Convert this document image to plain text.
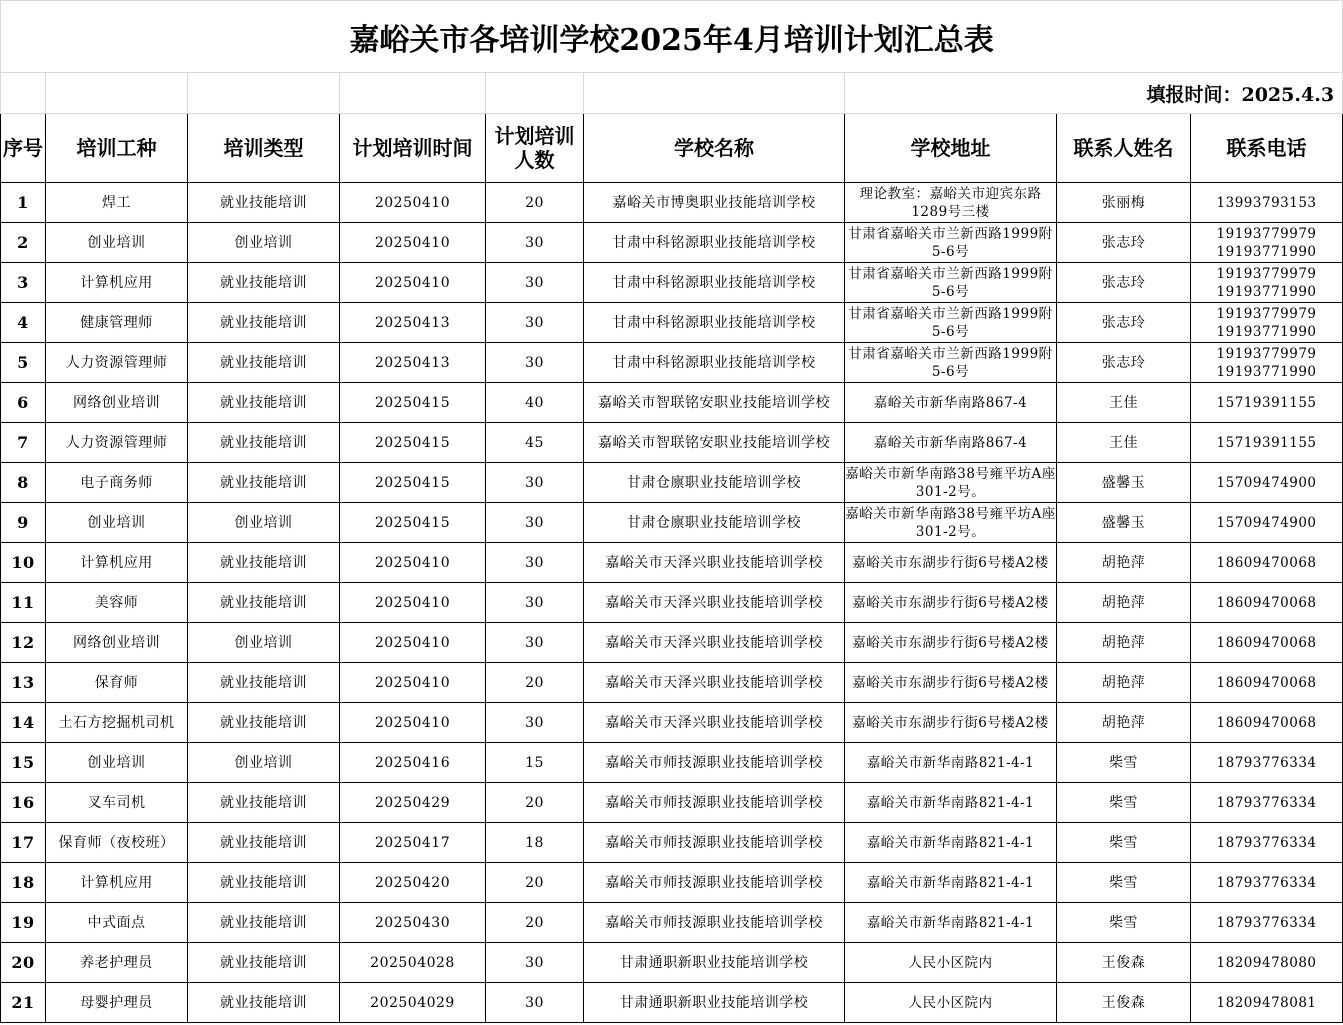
嘉峪关市各培训学校2025年4月培训计划汇总表								
						填报时间：2025.4.3		
序号	培训工种	培训类型	计划培训时间	计划培训人数	学校名称	学校地址	联系人姓名	联系电话
1	焊工	就业技能培训	20250410	20	嘉峪关市博奥职业技能培训学校	理论教室：嘉峪关市迎宾东路1289号三楼	张丽梅	13993793153
2	创业培训	创业培训	20250410	30	甘肃中科铭源职业技能培训学校	甘肃省嘉峪关市兰新西路1999附5-6号	张志玲	19193779979 19193771990
3	计算机应用	就业技能培训	20250410	30	甘肃中科铭源职业技能培训学校	甘肃省嘉峪关市兰新西路1999附5-6号	张志玲	19193779979 19193771990
4	健康管理师	就业技能培训	20250413	30	甘肃中科铭源职业技能培训学校	甘肃省嘉峪关市兰新西路1999附5-6号	张志玲	19193779979 19193771990
5	人力资源管理师	就业技能培训	20250413	30	甘肃中科铭源职业技能培训学校	甘肃省嘉峪关市兰新西路1999附5-6号	张志玲	19193779979 19193771990
6	网络创业培训	就业技能培训	20250415	40	嘉峪关市智联铭安职业技能培训学校	嘉峪关市新华南路867-4	王佳	15719391155
7	人力资源管理师	就业技能培训	20250415	45	嘉峪关市智联铭安职业技能培训学校	嘉峪关市新华南路867-4	王佳	15719391155
8	电子商务师	就业技能培训	20250415	30	甘肃仓廪职业技能培训学校	嘉峪关市新华南路38号雍平坊A座301-2号。	盛馨玉	15709474900
9	创业培训	创业培训	20250415	30	甘肃仓廪职业技能培训学校	嘉峪关市新华南路38号雍平坊A座301-2号。	盛馨玉	15709474900
10	计算机应用	就业技能培训	20250410	30	嘉峪关市天泽兴职业技能培训学校	嘉峪关市东湖步行街6号楼A2楼	胡艳萍	18609470068
11	美容师	就业技能培训	20250410	30	嘉峪关市天泽兴职业技能培训学校	嘉峪关市东湖步行街6号楼A2楼	胡艳萍	18609470068
12	网络创业培训	创业培训	20250410	30	嘉峪关市天泽兴职业技能培训学校	嘉峪关市东湖步行街6号楼A2楼	胡艳萍	18609470068
13	保育师	就业技能培训	20250410	20	嘉峪关市天泽兴职业技能培训学校	嘉峪关市东湖步行街6号楼A2楼	胡艳萍	18609470068
14	土石方挖掘机司机	就业技能培训	20250410	30	嘉峪关市天泽兴职业技能培训学校	嘉峪关市东湖步行街6号楼A2楼	胡艳萍	18609470068
15	创业培训	创业培训	20250416	15	嘉峪关市师技源职业技能培训学校	嘉峪关市新华南路821-4-1	柴雪	18793776334
16	叉车司机	就业技能培训	20250429	20	嘉峪关市师技源职业技能培训学校	嘉峪关市新华南路821-4-1	柴雪	18793776334
17	保育师（夜校班）	就业技能培训	20250417	18	嘉峪关市师技源职业技能培训学校	嘉峪关市新华南路821-4-1	柴雪	18793776334
18	计算机应用	就业技能培训	20250420	20	嘉峪关市师技源职业技能培训学校	嘉峪关市新华南路821-4-1	柴雪	18793776334
19	中式面点	就业技能培训	20250430	20	嘉峪关市师技源职业技能培训学校	嘉峪关市新华南路821-4-1	柴雪	18793776334
20	养老护理员	就业技能培训	202504028	30	甘肃通职新职业技能培训学校	人民小区院内	王俊森	18209478080
21	母婴护理员	就业技能培训	202504029	30	甘肃通职新职业技能培训学校	人民小区院内	王俊森	18209478081
